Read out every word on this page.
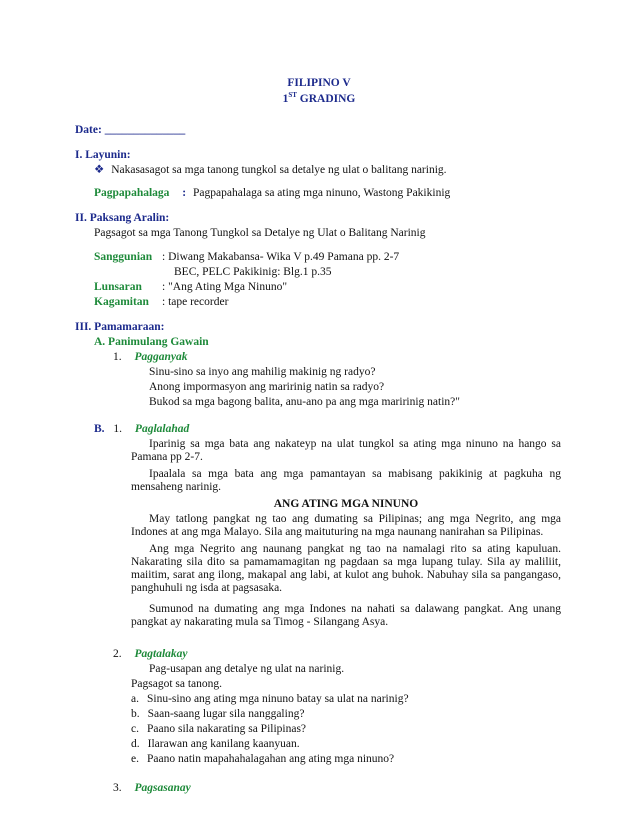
FILIPINO V
1ST GRADING
Date: ______________
I. Layunin:
❖ Nakasasagot sa mga tanong tungkol sa detalye ng ulat o balitang narinig.
Pagpapahalaga : Pagpapahalaga sa ating mga ninuno, Wastong Pakikinig
II. Paksang Aralin:
Pagsagot sa mga Tanong Tungkol sa Detalye ng Ulat o Balitang Narinig
Sanggunian : Diwang Makabansa- Wika V p.49 Pamana pp. 2-7
BEC, PELC Pakikinig: Blg.1 p.35
Lunsaran : "Ang Ating Mga Ninuno"
Kagamitan : tape recorder
III. Pamamaraan:
A. Panimulang Gawain
1. Pagganyak
Sinu-sino sa inyo ang mahilig makinig ng radyo?
Anong impormasyon ang maririnig natin sa radyo?
Bukod sa mga bagong balita, anu-ano pa ang mga maririnig natin?"
B. 1. Paglalahad
Iparinig sa mga bata ang nakateyp na ulat tungkol sa ating mga ninuno na hango sa Pamana pp 2-7.
Ipaalala sa mga bata ang mga pamantayan sa mabisang pakikinig at pagkuha ng mensaheng narinig.
ANG ATING MGA NINUNO
May tatlong pangkat ng tao ang dumating sa Pilipinas; ang mga Negrito, ang mga Indones at ang mga Malayo. Sila ang maituturing na mga naunang nanirahan sa Pilipinas.
Ang mga Negrito ang naunang pangkat ng tao na namalagi rito sa ating kapuluan. Nakarating sila dito sa pamamamagitan ng pagdaan sa mga lupang tulay. Sila ay maliliit, maiitim, sarat ang ilong, makapal ang labi, at kulot ang buhok. Nabuhay sila sa pangangaso, panghuhuli ng isda at pagsasaka.
Sumunod na dumating ang mga Indones na nahati sa dalawang pangkat. Ang unang pangkat ay nakarating mula sa Timog - Silangang Asya.
2. Pagtalakay
Pag-usapan ang detalye ng ulat na narinig.
Pagsagot sa tanong.
a. Sinu-sino ang ating mga ninuno batay sa ulat na narinig?
b. Saan-saang lugar sila nanggaling?
c. Paano sila nakarating sa Pilipinas?
d. Ilarawan ang kanilang kaanyuan.
e. Paano natin mapahahalagahan ang ating mga ninuno?
3. Pagsasanay
